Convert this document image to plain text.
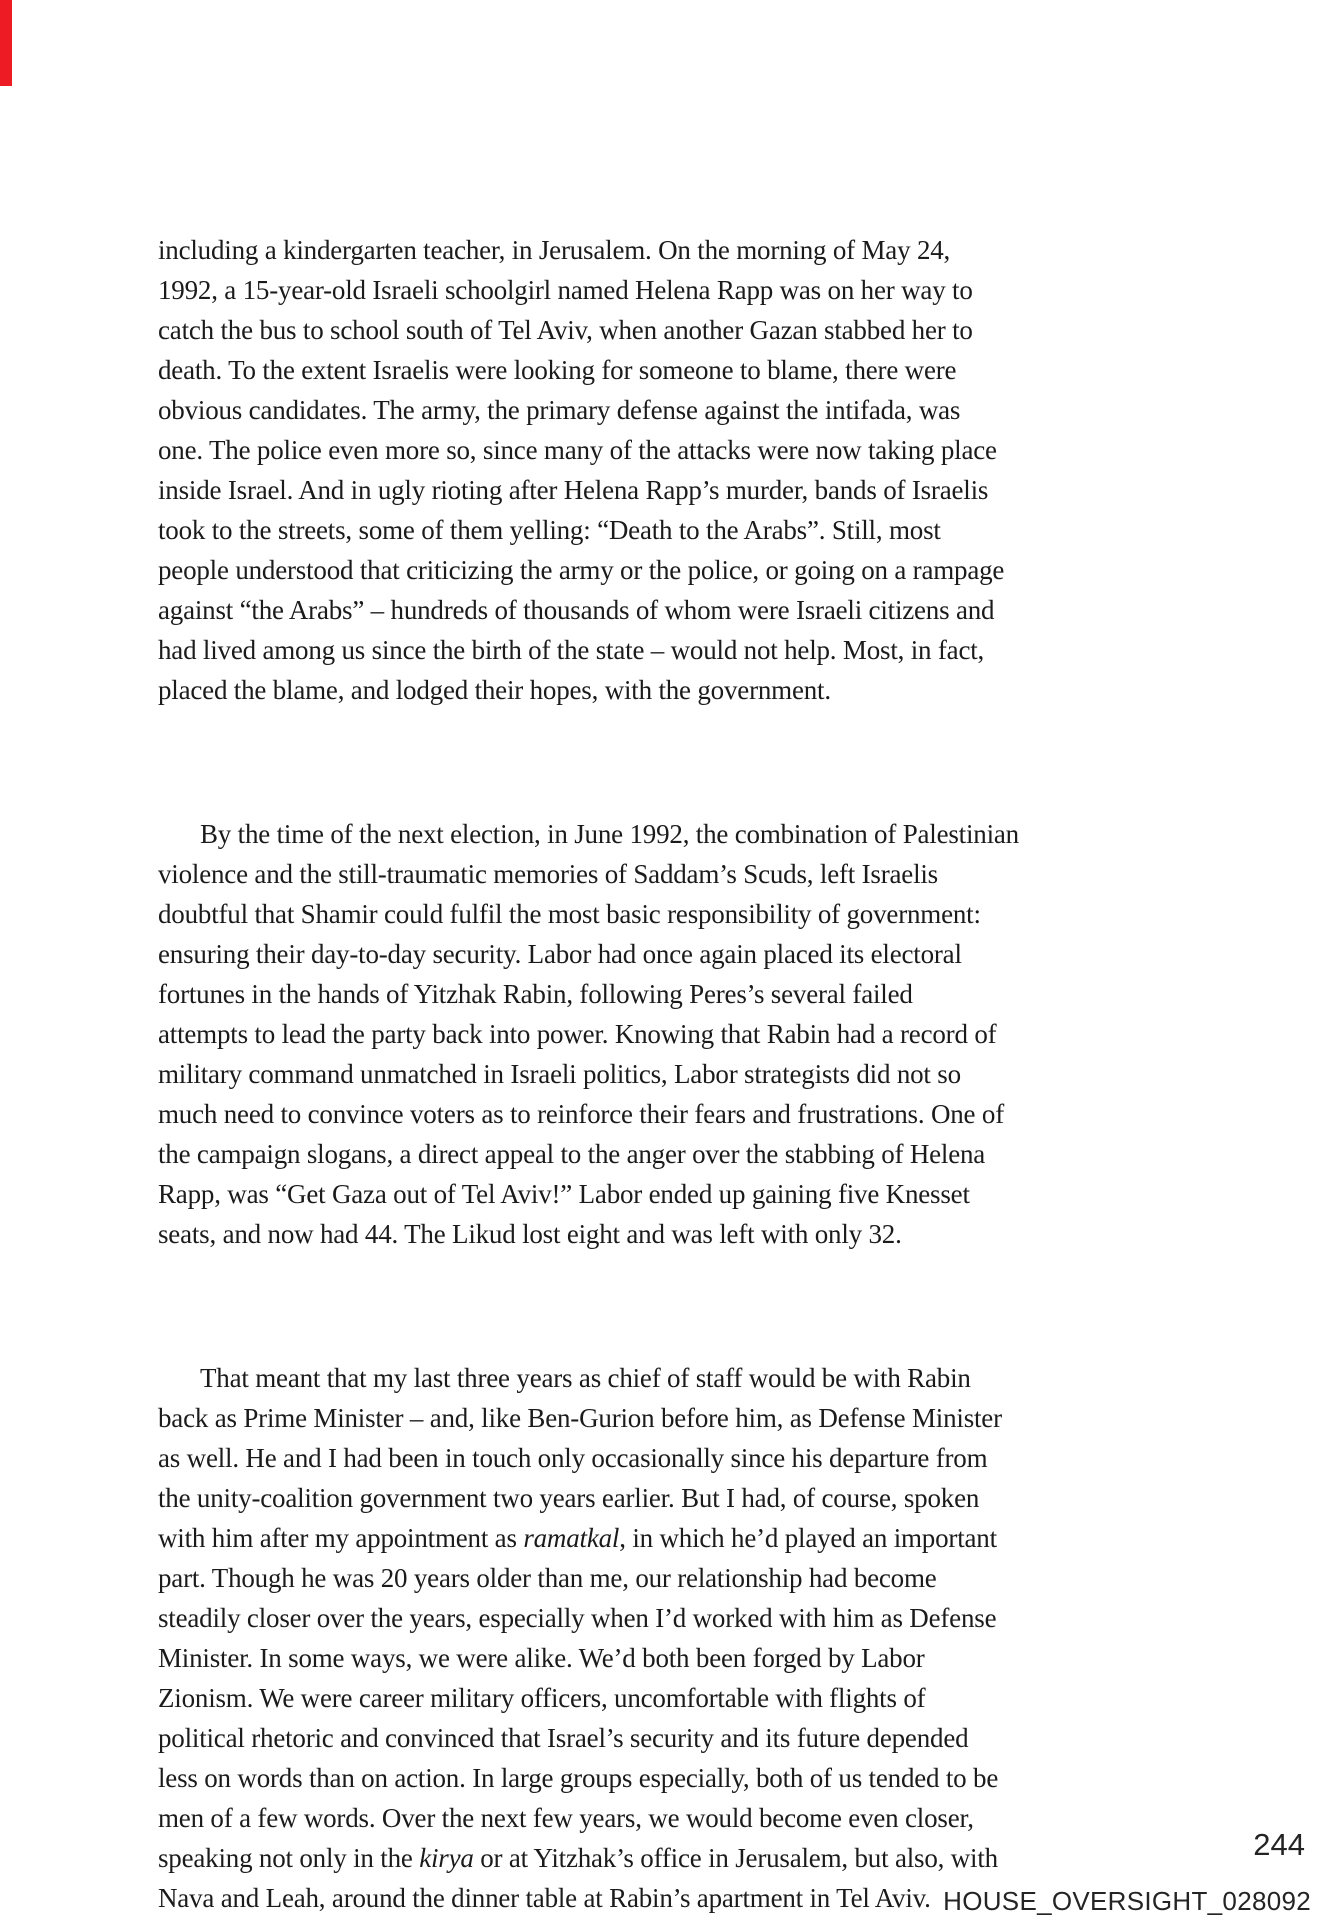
including a kindergarten teacher, in Jerusalem. On the morning of May 24,
1992, a 15-year-old Israeli schoolgirl named Helena Rapp was on her way to
catch the bus to school south of Tel Aviv, when another Gazan stabbed her to
death. To the extent Israelis were looking for someone to blame, there were
obvious candidates. The army, the primary defense against the intifada, was
one. The police even more so, since many of the attacks were now taking place
inside Israel. And in ugly rioting after Helena Rapp’s murder, bands of Israelis
took to the streets, some of them yelling: “Death to the Arabs”. Still, most
people understood that criticizing the army or the police, or going on a rampage
against “the Arabs” – hundreds of thousands of whom were Israeli citizens and
had lived among us since the birth of the state – would not help. Most, in fact,
placed the blame, and lodged their hopes, with the government.

By the time of the next election, in June 1992, the combination of Palestinian
violence and the still-traumatic memories of Saddam’s Scuds, left Israelis
doubtful that Shamir could fulfil the most basic responsibility of government:
ensuring their day-to-day security. Labor had once again placed its electoral
fortunes in the hands of Yitzhak Rabin, following Peres’s several failed
attempts to lead the party back into power. Knowing that Rabin had a record of
military command unmatched in Israeli politics, Labor strategists did not so
much need to convince voters as to reinforce their fears and frustrations. One of
the campaign slogans, a direct appeal to the anger over the stabbing of Helena
Rapp, was “Get Gaza out of Tel Aviv!” Labor ended up gaining five Knesset
seats, and now had 44. The Likud lost eight and was left with only 32.

That meant that my last three years as chief of staff would be with Rabin
back as Prime Minister – and, like Ben-Gurion before him, as Defense Minister
as well. He and I had been in touch only occasionally since his departure from
the unity-coalition government two years earlier. But I had, of course, spoken
with him after my appointment as ramatkal, in which he’d played an important
part. Though he was 20 years older than me, our relationship had become
steadily closer over the years, especially when I’d worked with him as Defense
Minister. In some ways, we were alike. We’d both been forged by Labor
Zionism. We were career military officers, uncomfortable with flights of
political rhetoric and convinced that Israel’s security and its future depended
less on words than on action. In large groups especially, both of us tended to be
men of a few words. Over the next few years, we would become even closer,
speaking not only in the kirya or at Yitzhak’s office in Jerusalem, but also, with
Nava and Leah, around the dinner table at Rabin’s apartment in Tel Aviv.

244
HOUSE_OVERSIGHT_028092
